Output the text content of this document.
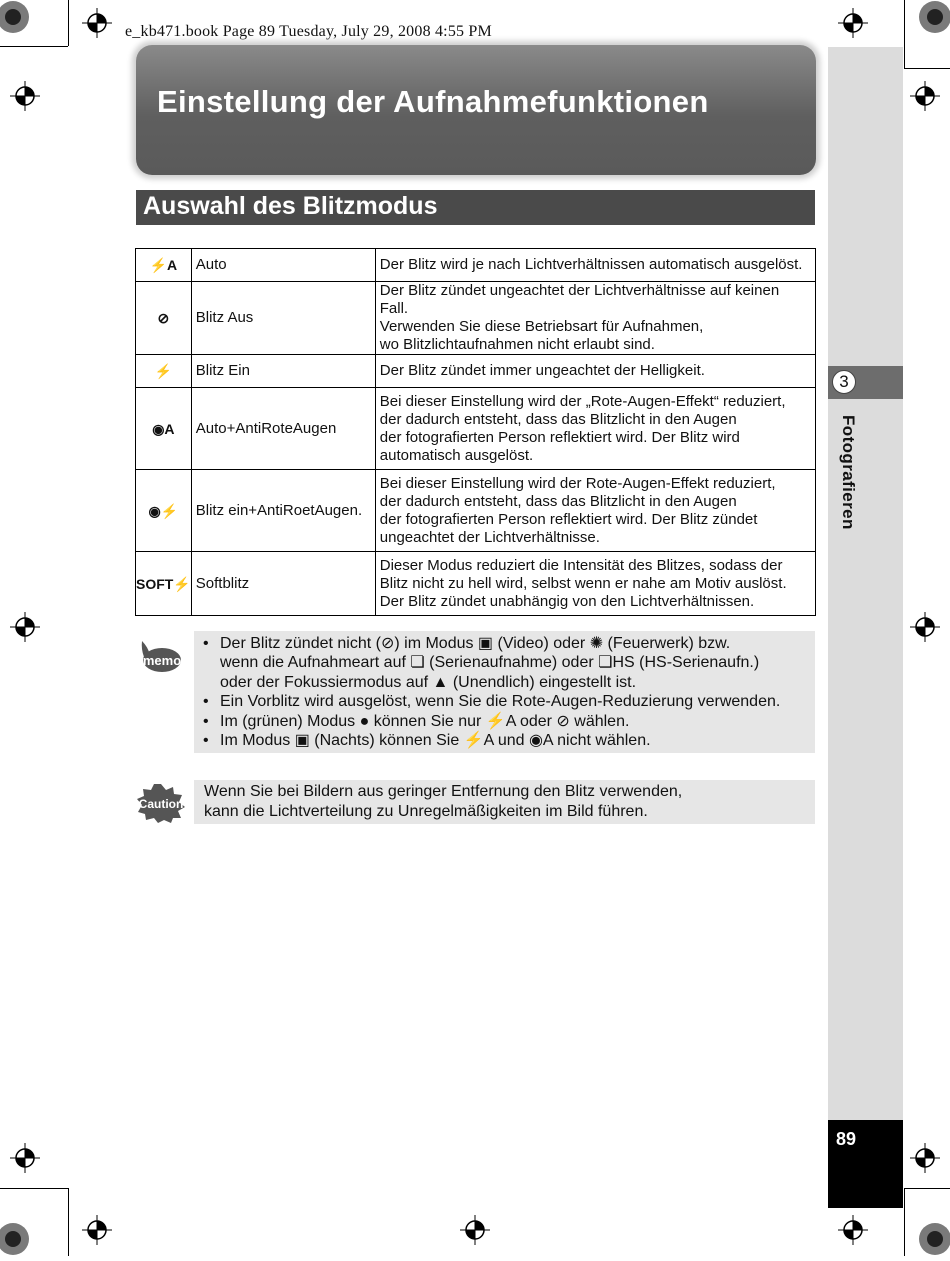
e_kb471.book Page 89 Tuesday, July 29, 2008 4:55 PM
3
Fotografieren
89
Einstellung der Aufnahmefunktionen
Auswahl des Blitzmodus
⚡A	Auto	Der Blitz wird je nach Lichtverhältnissen automatisch ausgelöst.

⊘	Blitz Aus	Der Blitz zündet ungeachtet der Lichtverhältnisse auf keinen Fall.
Verwenden Sie diese Betriebsart für Aufnahmen,
wo Blitzlichtaufnahmen nicht erlaubt sind.

⚡	Blitz Ein	Der Blitz zündet immer ungeachtet der Helligkeit.

◉A	Auto+AntiRoteAugen	Bei dieser Einstellung wird der „Rote-Augen-Effekt“ reduziert,
der dadurch entsteht, dass das Blitzlicht in den Augen
der fotografierten Person reflektiert wird. Der Blitz wird
automatisch ausgelöst.

◉⚡	Blitz ein+AntiRoetAugen.	Bei dieser Einstellung wird der Rote-Augen-Effekt reduziert,
der dadurch entsteht, dass das Blitzlicht in den Augen
der fotografierten Person reflektiert wird. Der Blitz zündet
ungeachtet der Lichtverhältnisse.

SOFT⚡	Softblitz	Dieser Modus reduziert die Intensität des Blitzes, sodass der
Blitz nicht zu hell wird, selbst wenn er nahe am Motiv auslöst.
Der Blitz zündet unabhängig von den Lichtverhältnissen.
memo
• Der Blitz zündet nicht (⊘) im Modus ▣ (Video) oder ✺ (Feuerwerk) bzw.
wenn die Aufnahmeart auf ❏ (Serienaufnahme) oder ❏HS (HS-Serienaufn.)
oder der Fokussiermodus auf ▲ (Unendlich) eingestellt ist.
• Ein Vorblitz wird ausgelöst, wenn Sie die Rote-Augen-Reduzierung verwenden.
• Im (grünen) Modus ● können Sie nur ⚡A oder ⊘ wählen.
• Im Modus ▣ (Nachts) können Sie ⚡A und ◉A nicht wählen.
Caution
Wenn Sie bei Bildern aus geringer Entfernung den Blitz verwenden,
kann die Lichtverteilung zu Unregelmäßigkeiten im Bild führen.
